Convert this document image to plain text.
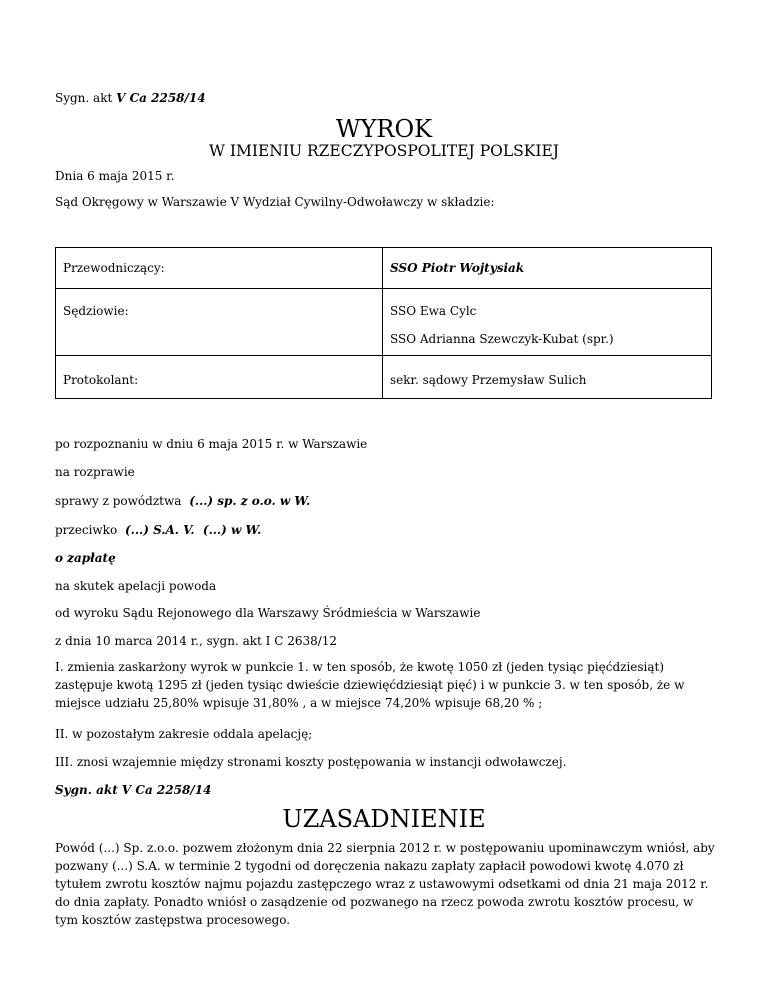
Sygn. akt V Ca 2258/14
WYROK
W IMIENIU RZECZYPOSPOLITEJ POLSKIEJ
Dnia 6 maja 2015 r.
Sąd Okręgowy w Warszawie V Wydział Cywilny-Odwoławczy w składzie:
Przewodniczący:	SSO Piotr Wojtysiak
Sędziowie:	SSO Ewa Cylc
SSO Adrianna Szewczyk-Kubat (spr.)
Protokolant:	sekr. sądowy Przemysław Sulich
po rozpoznaniu w dniu 6 maja 2015 r. w Warszawie
na rozprawie
sprawy z powództwa (...) sp. z o.o. w W.
przeciwko (...) S.A. V.  (...) w W.
o zapłatę
na skutek apelacji powoda
od wyroku Sądu Rejonowego dla Warszawy Śródmieścia w Warszawie
z dnia 10 marca 2014 r., sygn. akt I C 2638/12
I. zmienia zaskarżony wyrok w punkcie 1. w ten sposób, że kwotę 1050 zł (jeden tysiąc pięćdziesiąt) zastępuje kwotą 1295 zł (jeden tysiąc dwieście dziewięćdziesiąt pięć) i w punkcie 3. w ten sposób, że w miejsce udziału 25,80% wpisuje 31,80% , a w miejsce 74,20% wpisuje 68,20 % ;
II. w pozostałym zakresie oddala apelację;
III. znosi wzajemnie między stronami koszty postępowania w instancji odwoławczej.
Sygn. akt V Ca 2258/14
UZASADNIENIE
Powód (...) Sp. z.o.o. pozwem złożonym dnia 22 sierpnia 2012 r. w postępowaniu upominawczym wniósł, aby pozwany (...) S.A. w terminie 2 tygodni od doręczenia nakazu zapłaty zapłacił powodowi kwotę 4.070 zł tytułem zwrotu kosztów najmu pojazdu zastępczego wraz z ustawowymi odsetkami od dnia 21 maja 2012 r. do dnia zapłaty. Ponadto wniósł o zasądzenie od pozwanego na rzecz powoda zwrotu kosztów procesu, w tym kosztów zastępstwa procesowego.
